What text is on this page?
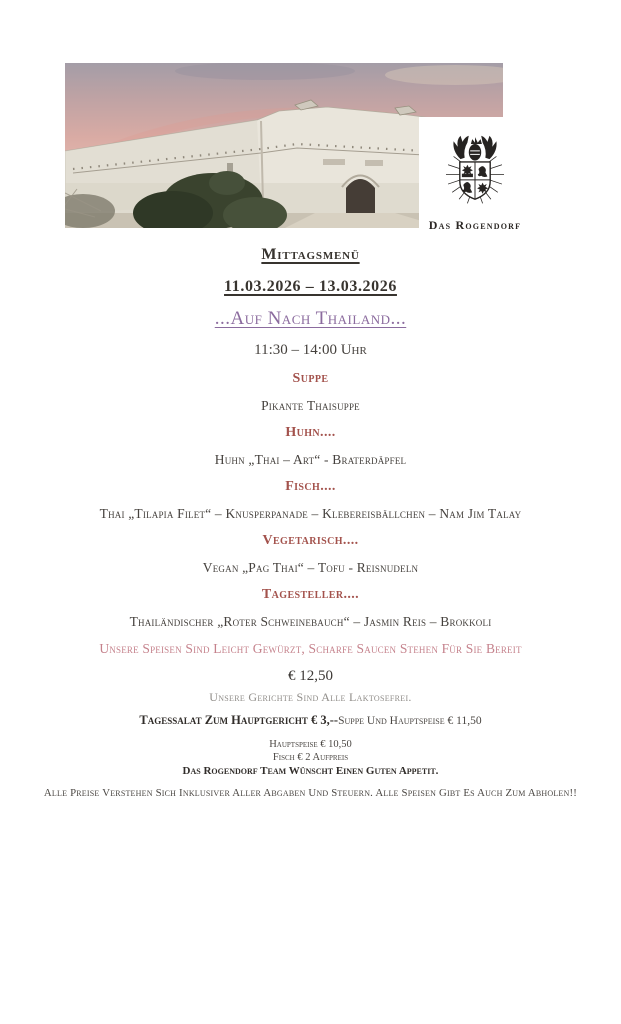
Das Rogendorf
Mittagsmenü
11.03.2026 – 13.03.2026
...Auf Nach Thailand...
11:30 – 14:00 Uhr
Suppe
Pikante Thaisuppe
Huhn....
Huhn „Thai – Art“ - Braterdäpfel
Fisch....
Thai „Tilapia Filet“ – Knusperpanade – Klebereisbällchen – Nam Jim Talay
Vegetarisch....
Vegan „Pag Thai“ – Tofu - Reisnudeln
Tagesteller....
Thailändischer „Roter Schweinebauch“ – Jasmin Reis – Brokkoli
Unsere Speisen Sind Leicht Gewürzt, Scharfe Saucen Stehen Für Sie Bereit
€ 12,50
Unsere Gerichte Sind Alle Laktosefrei.
Tagessalat Zum Hauptgericht € 3,--Suppe Und Hauptspeise € 11,50
Hauptspeise € 10,50
Fisch € 2 Aufpreis
Das Rogendorf Team Wünscht Einen Guten Appetit.
Alle Preise Verstehen Sich Inklusiver Aller Abgaben Und Steuern. Alle Speisen Gibt Es Auch Zum Abholen!!
